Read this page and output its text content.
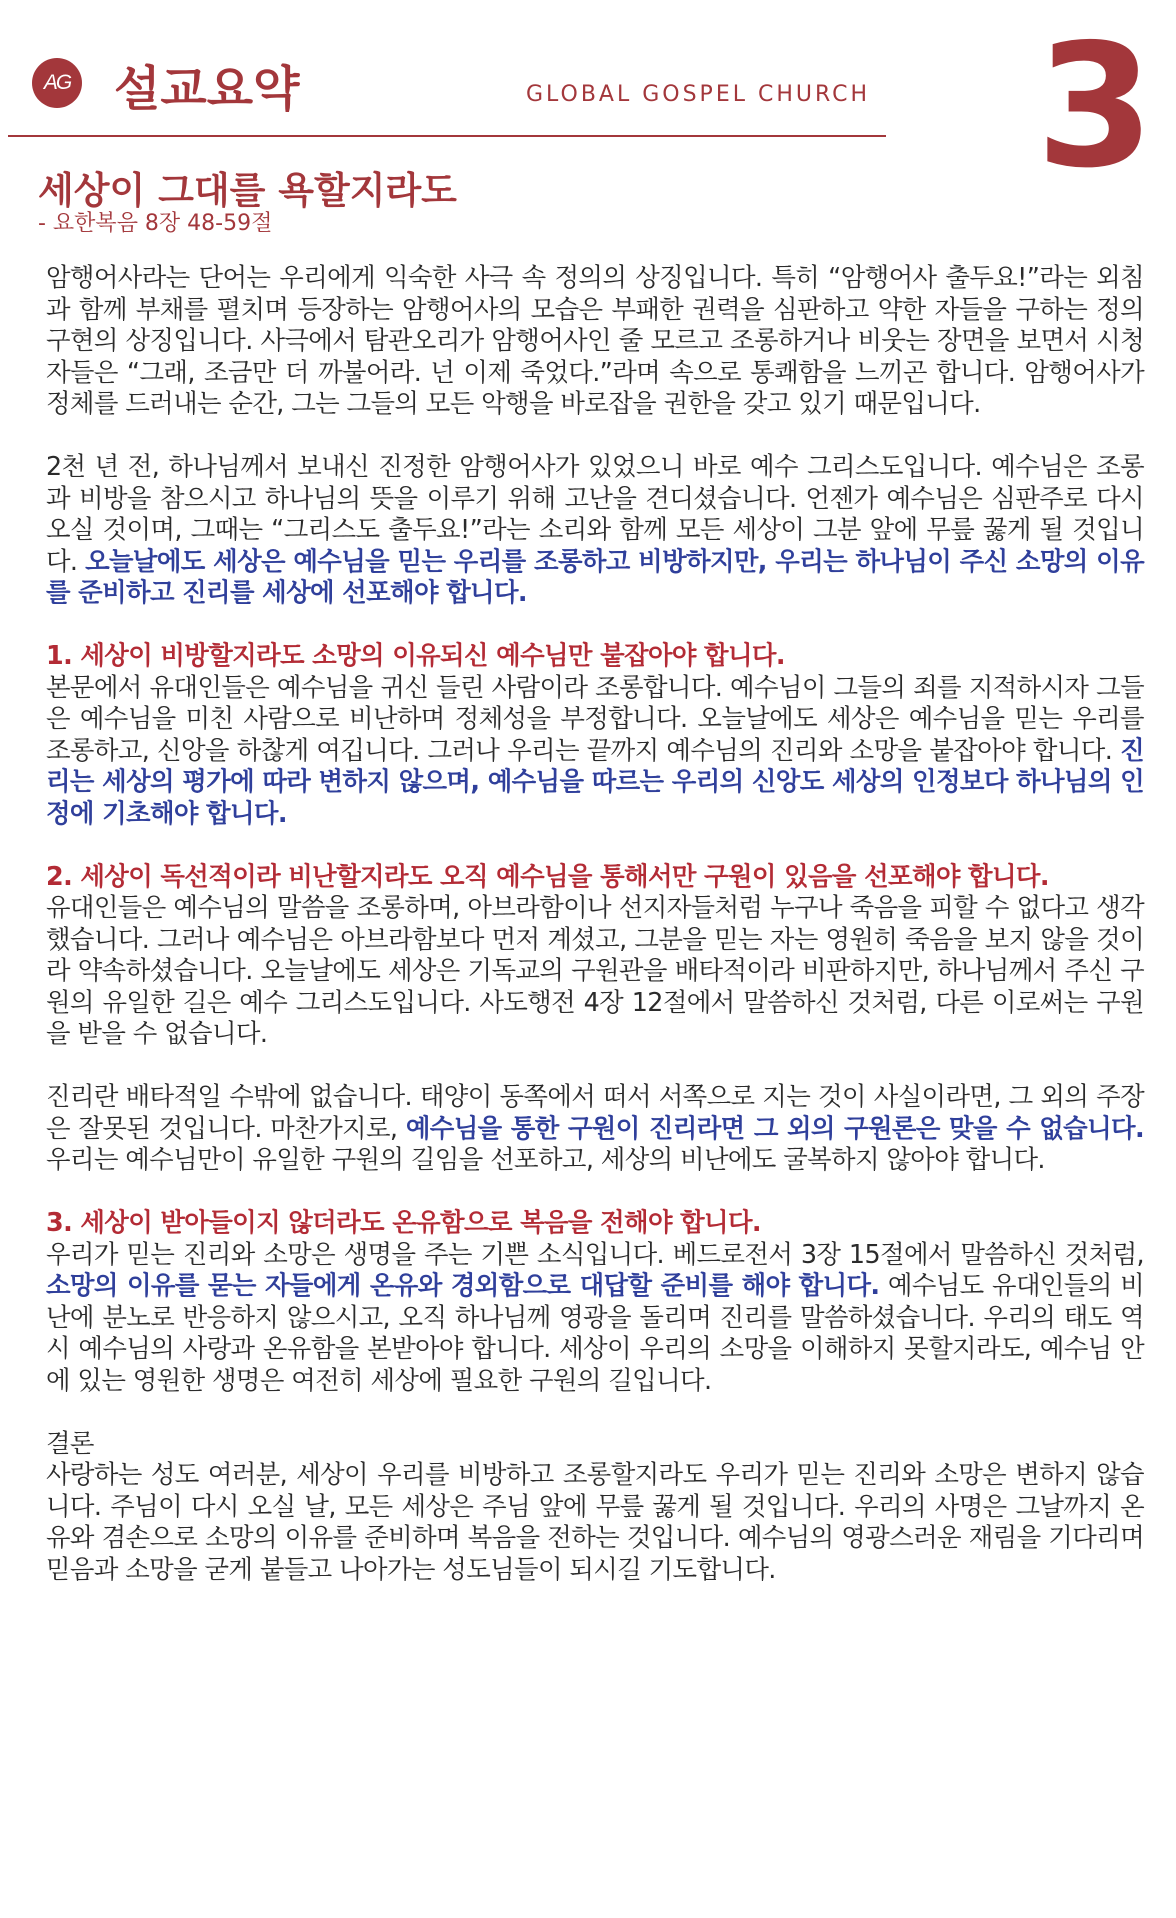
AG 설교요약	GLOBAL GOSPEL CHURCH 3
세상이 그대를 욕할지라도
- 요한복음 8장 48-59절

암행어사라는 단어는 우리에게 익숙한 사극 속 정의의 상징입니다. 특히 “암행어사 출두요!”라는 외침과 함께 부채를 펼치며 등장하는 암행어사의 모습은 부패한 권력을 심판하고 약한 자들을 구하는 정의구현의 상징입니다. 사극에서 탐관오리가 암행어사인 줄 모르고 조롱하거나 비웃는 장면을 보면서 시청자들은 “그래, 조금만 더 까불어라. 넌 이제 죽었다.”라며 속으로 통쾌함을 느끼곤 합니다. 암행어사가 정체를 드러내는 순간, 그는 그들의 모든 악행을 바로잡을 권한을 갖고 있기 때문입니다.

2천 년 전, 하나님께서 보내신 진정한 암행어사가 있었으니 바로 예수 그리스도입니다. 예수님은 조롱과 비방을 참으시고 하나님의 뜻을 이루기 위해 고난을 견디셨습니다. 언젠가 예수님은 심판주로 다시 오실 것이며, 그때는 “그리스도 출두요!”라는 소리와 함께 모든 세상이 그분 앞에 무릎 꿇게 될 것입니다. 오늘날에도 세상은 예수님을 믿는 우리를 조롱하고 비방하지만, 우리는 하나님이 주신 소망의 이유를 준비하고 진리를 세상에 선포해야 합니다.

1. 세상이 비방할지라도 소망의 이유되신 예수님만 붙잡아야 합니다.

본문에서 유대인들은 예수님을 귀신 들린 사람이라 조롱합니다. 예수님이 그들의 죄를 지적하시자 그들은 예수님을 미친 사람으로 비난하며 정체성을 부정합니다. 오늘날에도 세상은 예수님을 믿는 우리를 조롱하고, 신앙을 하찮게 여깁니다. 그러나 우리는 끝까지 예수님의 진리와 소망을 붙잡아야 합니다. 진리는 세상의 평가에 따라 변하지 않으며, 예수님을 따르는 우리의 신앙도 세상의 인정보다 하나님의 인정에 기초해야 합니다.

2. 세상이 독선적이라 비난할지라도 오직 예수님을 통해서만 구원이 있음을 선포해야 합니다.

유대인들은 예수님의 말씀을 조롱하며, 아브라함이나 선지자들처럼 누구나 죽음을 피할 수 없다고 생각했습니다. 그러나 예수님은 아브라함보다 먼저 계셨고, 그분을 믿는 자는 영원히 죽음을 보지 않을 것이라 약속하셨습니다. 오늘날에도 세상은 기독교의 구원관을 배타적이라 비판하지만, 하나님께서 주신 구원의 유일한 길은 예수 그리스도입니다. 사도행전 4장 12절에서 말씀하신 것처럼, 다른 이로써는 구원을 받을 수 없습니다.

진리란 배타적일 수밖에 없습니다. 태양이 동쪽에서 떠서 서쪽으로 지는 것이 사실이라면, 그 외의 주장은 잘못된 것입니다. 마찬가지로, 예수님을 통한 구원이 진리라면 그 외의 구원론은 맞을 수 없습니다. 우리는 예수님만이 유일한 구원의 길임을 선포하고, 세상의 비난에도 굴복하지 않아야 합니다.

3. 세상이 받아들이지 않더라도 온유함으로 복음을 전해야 합니다.

우리가 믿는 진리와 소망은 생명을 주는 기쁜 소식입니다. 베드로전서 3장 15절에서 말씀하신 것처럼, 소망의 이유를 묻는 자들에게 온유와 경외함으로 대답할 준비를 해야 합니다. 예수님도 유대인들의 비난에 분노로 반응하지 않으시고, 오직 하나님께 영광을 돌리며 진리를 말씀하셨습니다. 우리의 태도 역시 예수님의 사랑과 온유함을 본받아야 합니다. 세상이 우리의 소망을 이해하지 못할지라도, 예수님 안에 있는 영원한 생명은 여전히 세상에 필요한 구원의 길입니다.

결론

사랑하는 성도 여러분, 세상이 우리를 비방하고 조롱할지라도 우리가 믿는 진리와 소망은 변하지 않습니다. 주님이 다시 오실 날, 모든 세상은 주님 앞에 무릎 꿇게 될 것입니다. 우리의 사명은 그날까지 온유와 겸손으로 소망의 이유를 준비하며 복음을 전하는 것입니다. 예수님의 영광스러운 재림을 기다리며 믿음과 소망을 굳게 붙들고 나아가는 성도님들이 되시길 기도합니다.
